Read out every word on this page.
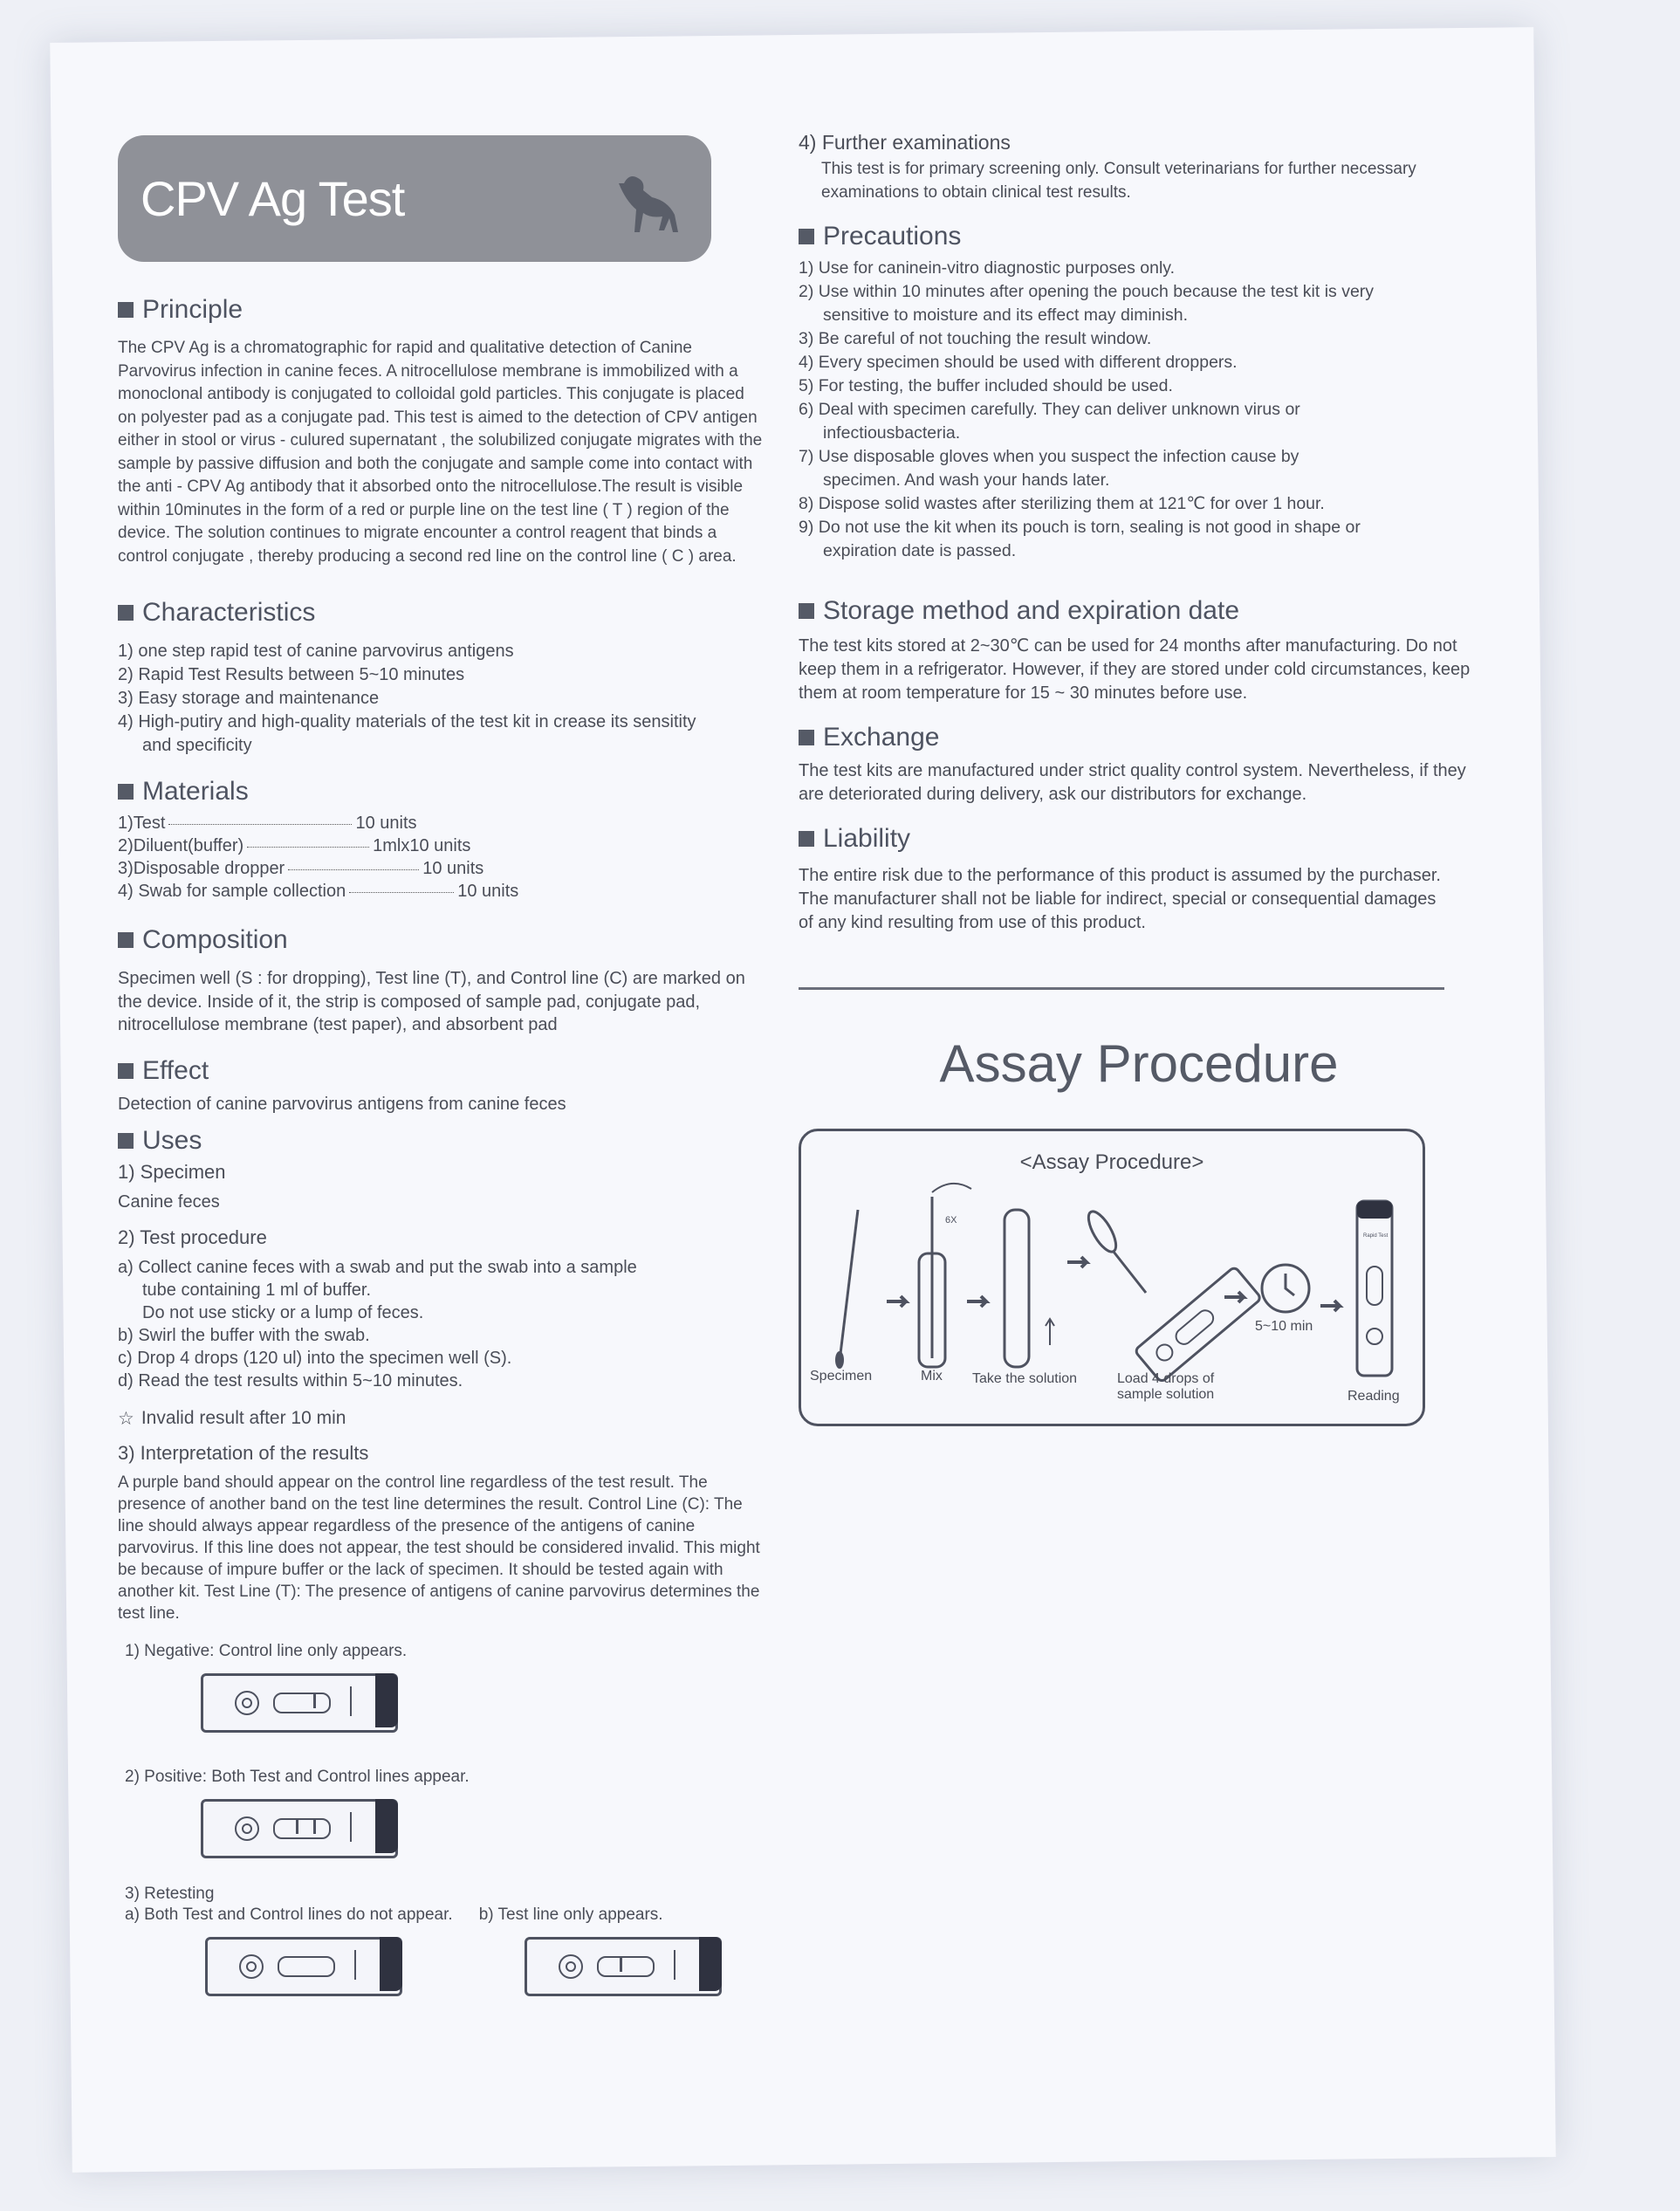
CPV Ag Test
Principle

The CPV Ag is a chromatographic for rapid and qualitative detection of Canine Parvovirus infection in canine feces. A nitrocellulose membrane is immobilized with a monoclonal antibody is conjugated to colloidal gold particles. This conjugate is placed on polyester pad as a conjugate pad. This test is aimed to the detection of CPV antigen either in stool or virus - culured supernatant , the solubilized conjugate migrates with the sample by passive diffusion and both the conjugate and sample come into contact with the anti - CPV Ag antibody that it absorbed onto the nitrocellulose.The result is visible within 10minutes in the form of a red or purple line on the test line ( T ) region of the device. The solution continues to migrate encounter a control reagent that binds a control conjugate , thereby producing a second red line on the control line ( C ) area.

Characteristics
1) one step rapid test of canine parvovirus antigens
2) Rapid Test Results between 5~10 minutes
3) Easy storage and maintenance
4) High-putiry and high-quality materials of the test kit in crease its sensitity
and specificity
Materials
1)Test	10 units
2)Diluent(buffer)	1mlx10 units
3)Disposable dropper	10 units
4) Swab for sample collection	10 units
Composition

Specimen well (S : for dropping), Test line (T), and Control line (C) are marked on the device. Inside of it, the strip is composed of sample pad, conjugate pad, nitrocellulose membrane (test paper), and absorbent pad

Effect

Detection of canine parvovirus antigens from canine feces

Uses
1) Specimen

Canine feces

2) Test procedure
a) Collect canine feces with a swab and put the swab into a sample
tube containing 1 ml of buffer.
Do not use sticky or a lump of feces.
b) Swirl the buffer with the swab.
c) Drop 4 drops (120 ul) into the specimen well (S).
d) Read the test results within 5~10 minutes.
☆ Invalid result after 10 min
3) Interpretation of the results

A purple band should appear on the control line regardless of the test result. The presence of another band on the test line determines the result. Control Line (C): The line should always appear regardless of the presence of the antigens of canine parvovirus. If this line does not appear, the test should be considered invalid. This might be because of impure buffer or the lack of specimen. It should be tested again with another kit. Test Line (T): The presence of antigens of canine parvovirus determines the test line.

1) Negative: Control line only appears.
2) Positive: Both Test and Control lines appear.
3) Retesting
a) Both Test and Control lines do not appear. b) Test line only appears.
4) Further examinations

This test is for primary screening only. Consult veterinarians for further necessary examinations to obtain clinical test results.

Precautions
1) Use for caninein-vitro diagnostic purposes only.
2) Use within 10 minutes after opening the pouch because the test kit is very
sensitive to moisture and its effect may diminish.
3) Be careful of not touching the result window.
4) Every specimen should be used with different droppers.
5) For testing, the buffer included should be used.
6) Deal with specimen carefully. They can deliver unknown virus or
infectiousbacteria.
7) Use disposable gloves when you suspect the infection cause by
specimen. And wash your hands later.
8) Dispose solid wastes after sterilizing them at 121℃ for over 1 hour.
9) Do not use the kit when its pouch is torn, sealing is not good in shape or
expiration date is passed.
Storage method and expiration date

The test kits stored at 2~30℃ can be used for 24 months after manufacturing. Do not keep them in a refrigerator. However, if they are stored under cold circumstances, keep them at room temperature for 15 ~ 30 minutes before use.

Exchange

The test kits are manufactured under strict quality control system. Nevertheless, if they are deteriorated during delivery, ask our distributors for exchange.

Liability

The entire risk due to the performance of this product is assumed by the purchaser. The manufacturer shall not be liable for indirect, special or consequential damages of any kind resulting from use of this product.

Assay Procedure
<Assay Procedure>
6X
Rapid Test
Specimen	Mix Take the solution	Load 4 drops of
sample solution
5~10 min
Reading
